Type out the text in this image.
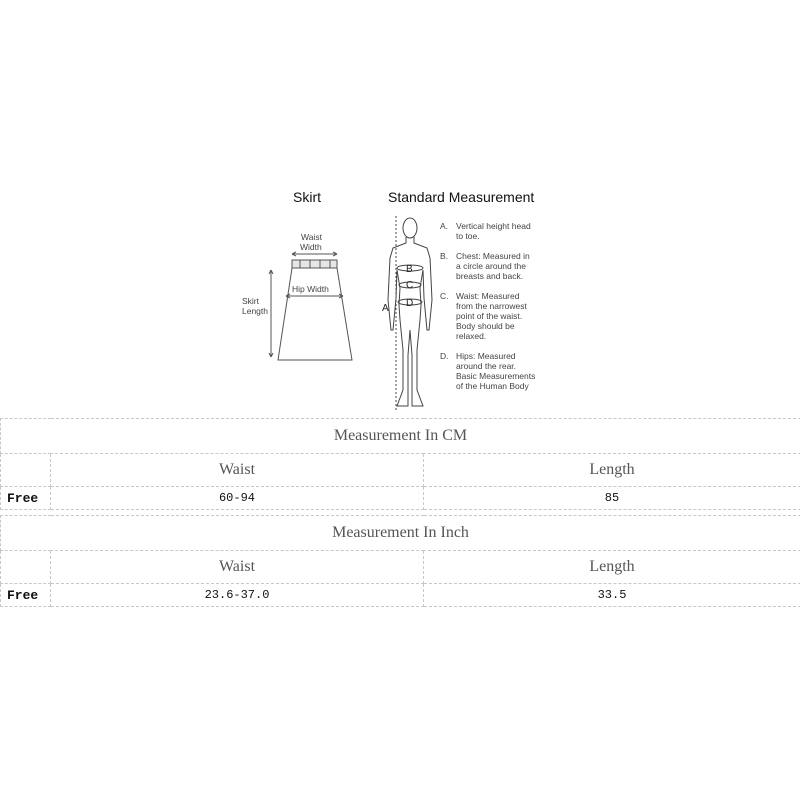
Skirt	Standard Measurement
Waist
Width
Hip Width
Skirt
Length
B
C
D
A
A. Vertical height head
to toe.
B. Chest: Measured in
a circle around the
breasts and back.
C. Waist: Measured
from the narrowest
point of the waist.
Body should be
relaxed.
D. Hips: Measured
around the rear.
Basic Measurements
of the Human Body
Measurement In CM		
	Waist	Length
Free	60-94	85
Measurement In Inch		
	Waist	Length
Free	23.6-37.0	33.5
